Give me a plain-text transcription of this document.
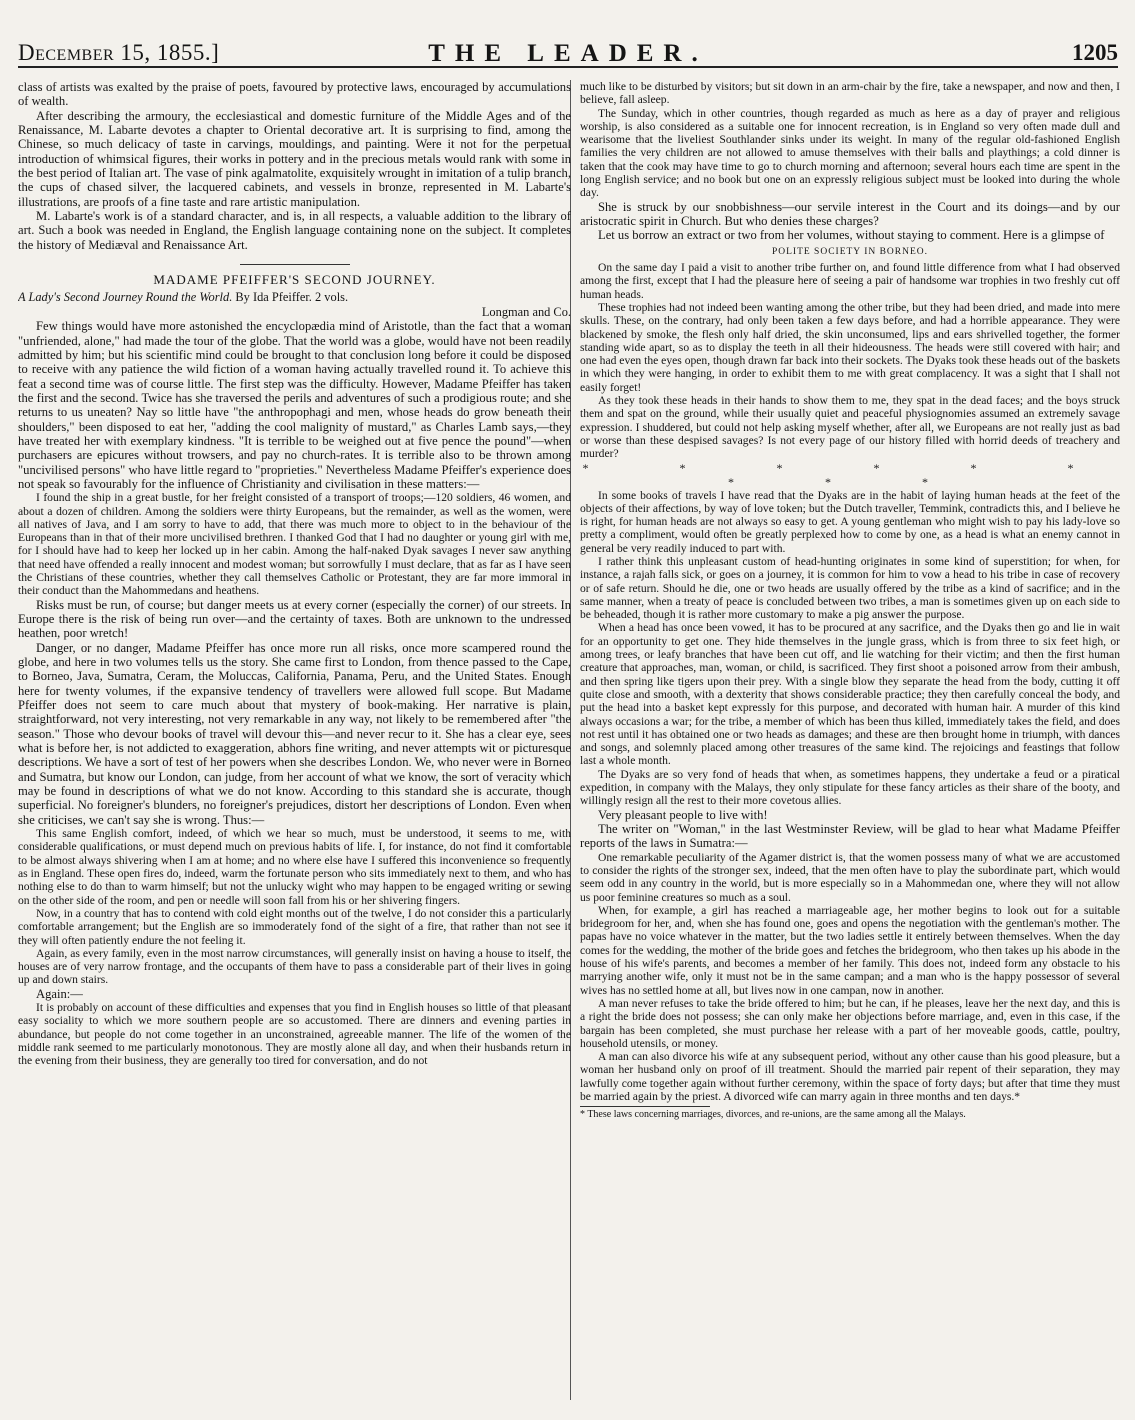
December 15, 1855.]	THE LEADER.	1205

class of artists was exalted by the praise of poets, favoured by protective laws, encouraged by accumulations of wealth.

After describing the armoury, the ecclesiastical and domestic furniture of the Middle Ages and of the Renaissance, M. Labarte devotes a chapter to Oriental decorative art. It is surprising to find, among the Chinese, so much delicacy of taste in carvings, mouldings, and painting. Were it not for the perpetual introduction of whimsical figures, their works in pottery and in the precious metals would rank with some in the best period of Italian art. The vase of pink agalmatolite, exquisitely wrought in imitation of a tulip branch, the cups of chased silver, the lacquered cabinets, and vessels in bronze, represented in M. Labarte's illustrations, are proofs of a fine taste and rare artistic manipulation.

M. Labarte's work is of a standard character, and is, in all respects, a valuable addition to the library of art. Such a book was needed in England, the English language containing none on the subject. It completes the history of Mediæval and Renaissance Art.

MADAME PFEIFFER'S SECOND JOURNEY.

A Lady's Second Journey Round the World. By Ida Pfeiffer. 2 vols.

Longman and Co.

Few things would have more astonished the encyclopædia mind of Aristotle, than the fact that a woman "unfriended, alone," had made the tour of the globe. That the world was a globe, would have not been readily admitted by him; but his scientific mind could be brought to that conclusion long before it could be disposed to receive with any patience the wild fiction of a woman having actually travelled round it. To achieve this feat a second time was of course little. The first step was the difficulty. However, Madame Pfeiffer has taken the first and the second. Twice has she traversed the perils and adventures of such a prodigious route; and she returns to us uneaten? Nay so little have "the anthropophagi and men, whose heads do grow beneath their shoulders," been disposed to eat her, "adding the cool malignity of mustard," as Charles Lamb says,—they have treated her with exemplary kindness. "It is terrible to be weighed out at five pence the pound"—when purchasers are epicures without trowsers, and pay no church-rates. It is terrible also to be thrown among "uncivilised persons" who have little regard to "proprieties." Nevertheless Madame Pfeiffer's experience does not speak so favourably for the influence of Christianity and civilisation in these matters:—

I found the ship in a great bustle, for her freight consisted of a transport of troops;—120 soldiers, 46 women, and about a dozen of children. Among the soldiers were thirty Europeans, but the remainder, as well as the women, were all natives of Java, and I am sorry to have to add, that there was much more to object to in the behaviour of the Europeans than in that of their more uncivilised brethren. I thanked God that I had no daughter or young girl with me, for I should have had to keep her locked up in her cabin. Among the half-naked Dyak savages I never saw anything that need have offended a really innocent and modest woman; but sorrowfully I must declare, that as far as I have seen the Christians of these countries, whether they call themselves Catholic or Protestant, they are far more immoral in their conduct than the Mahommedans and heathens.

Risks must be run, of course; but danger meets us at every corner (especially the corner) of our streets. In Europe there is the risk of being run over—and the certainty of taxes. Both are unknown to the undressed heathen, poor wretch!

Danger, or no danger, Madame Pfeiffer has once more run all risks, once more scampered round the globe, and here in two volumes tells us the story. She came first to London, from thence passed to the Cape, to Borneo, Java, Sumatra, Ceram, the Moluccas, California, Panama, Peru, and the United States. Enough here for twenty volumes, if the expansive tendency of travellers were allowed full scope. But Madame Pfeiffer does not seem to care much about that mystery of book-making. Her narrative is plain, straightforward, not very interesting, not very remarkable in any way, not likely to be remembered after "the season." Those who devour books of travel will devour this—and never recur to it. She has a clear eye, sees what is before her, is not addicted to exaggeration, abhors fine writing, and never attempts wit or picturesque descriptions. We have a sort of test of her powers when she describes London. We, who never were in Borneo and Sumatra, but know our London, can judge, from her account of what we know, the sort of veracity which may be found in descriptions of what we do not know. According to this standard she is accurate, though superficial. No foreigner's blunders, no foreigner's prejudices, distort her descriptions of London. Even when she criticises, we can't say she is wrong. Thus:—

This same English comfort, indeed, of which we hear so much, must be understood, it seems to me, with considerable qualifications, or must depend much on previous habits of life. I, for instance, do not find it comfortable to be almost always shivering when I am at home; and no where else have I suffered this inconvenience so frequently as in England. These open fires do, indeed, warm the fortunate person who sits immediately next to them, and who has nothing else to do than to warm himself; but not the unlucky wight who may happen to be engaged writing or sewing on the other side of the room, and pen or needle will soon fall from his or her shivering fingers.

Now, in a country that has to contend with cold eight months out of the twelve, I do not consider this a particularly comfortable arrangement; but the English are so immoderately fond of the sight of a fire, that rather than not see it they will often patiently endure the not feeling it.

Again, as every family, even in the most narrow circumstances, will generally insist on having a house to itself, the houses are of very narrow frontage, and the occupants of them have to pass a considerable part of their lives in going up and down stairs.

Again:—

It is probably on account of these difficulties and expenses that you find in English houses so little of that pleasant easy sociality to which we more southern people are so accustomed. There are dinners and evening parties in abundance, but people do not come together in an unconstrained, agreeable manner. The life of the women of the middle rank seemed to me particularly monotonous. They are mostly alone all day, and when their husbands return in the evening from their business, they are generally too tired for conversation, and do not

much like to be disturbed by visitors; but sit down in an arm-chair by the fire, take a newspaper, and now and then, I believe, fall asleep.

The Sunday, which in other countries, though regarded as much as here as a day of prayer and religious worship, is also considered as a suitable one for innocent recreation, is in England so very often made dull and wearisome that the liveliest Southlander sinks under its weight. In many of the regular old-fashioned English families the very children are not allowed to amuse themselves with their balls and playthings; a cold dinner is taken that the cook may have time to go to church morning and afternoon; several hours each time are spent in the long English service; and no book but one on an expressly religious subject must be looked into during the whole day.

She is struck by our snobbishness—our servile interest in the Court and its doings—and by our aristocratic spirit in Church. But who denies these charges?

Let us borrow an extract or two from her volumes, without staying to comment. Here is a glimpse of

POLITE SOCIETY IN BORNEO.

On the same day I paid a visit to another tribe further on, and found little difference from what I had observed among the first, except that I had the pleasure here of seeing a pair of handsome war trophies in two freshly cut off human heads.

These trophies had not indeed been wanting among the other tribe, but they had been dried, and made into mere skulls. These, on the contrary, had only been taken a few days before, and had a horrible appearance. They were blackened by smoke, the flesh only half dried, the skin unconsumed, lips and ears shrivelled together, the former standing wide apart, so as to display the teeth in all their hideousness. The heads were still covered with hair; and one had even the eyes open, though drawn far back into their sockets. The Dyaks took these heads out of the baskets in which they were hanging, in order to exhibit them to me with great complacency. It was a sight that I shall not easily forget!

As they took these heads in their hands to show them to me, they spat in the dead faces; and the boys struck them and spat on the ground, while their usually quiet and peaceful physiognomies assumed an extremely savage expression. I shuddered, but could not help asking myself whether, after all, we Europeans are not really just as bad or worse than these despised savages? Is not every page of our history filled with horrid deeds of treachery and murder?

* * * * * * * * *

In some books of travels I have read that the Dyaks are in the habit of laying human heads at the feet of the objects of their affections, by way of love token; but the Dutch traveller, Temmink, contradicts this, and I believe he is right, for human heads are not always so easy to get. A young gentleman who might wish to pay his lady-love so pretty a compliment, would often be greatly perplexed how to come by one, as a head is what an enemy cannot in general be very readily induced to part with.

I rather think this unpleasant custom of head-hunting originates in some kind of superstition; for when, for instance, a rajah falls sick, or goes on a journey, it is common for him to vow a head to his tribe in case of recovery or of safe return. Should he die, one or two heads are usually offered by the tribe as a kind of sacrifice; and in the same manner, when a treaty of peace is concluded between two tribes, a man is sometimes given up on each side to be beheaded, though it is rather more customary to make a pig answer the purpose.

When a head has once been vowed, it has to be procured at any sacrifice, and the Dyaks then go and lie in wait for an opportunity to get one. They hide themselves in the jungle grass, which is from three to six feet high, or among trees, or leafy branches that have been cut off, and lie watching for their victim; and then the first human creature that approaches, man, woman, or child, is sacrificed. They first shoot a poisoned arrow from their ambush, and then spring like tigers upon their prey. With a single blow they separate the head from the body, cutting it off quite close and smooth, with a dexterity that shows considerable practice; they then carefully conceal the body, and put the head into a basket kept expressly for this purpose, and decorated with human hair. A murder of this kind always occasions a war; for the tribe, a member of which has been thus killed, immediately takes the field, and does not rest until it has obtained one or two heads as damages; and these are then brought home in triumph, with dances and songs, and solemnly placed among other treasures of the same kind. The rejoicings and feastings that follow last a whole month.

The Dyaks are so very fond of heads that when, as sometimes happens, they undertake a feud or a piratical expedition, in company with the Malays, they only stipulate for these fancy articles as their share of the booty, and willingly resign all the rest to their more covetous allies.

Very pleasant people to live with!

The writer on "Woman," in the last Westminster Review, will be glad to hear what Madame Pfeiffer reports of the laws in Sumatra:—

One remarkable peculiarity of the Agamer district is, that the women possess many of what we are accustomed to consider the rights of the stronger sex, indeed, that the men often have to play the subordinate part, which would seem odd in any country in the world, but is more especially so in a Mahommedan one, where they will not allow us poor feminine creatures so much as a soul.

When, for example, a girl has reached a marriageable age, her mother begins to look out for a suitable bridegroom for her, and, when she has found one, goes and opens the negotiation with the gentleman's mother. The papas have no voice whatever in the matter, but the two ladies settle it entirely between themselves. When the day comes for the wedding, the mother of the bride goes and fetches the bridegroom, who then takes up his abode in the house of his wife's parents, and becomes a member of her family. This does not, indeed form any obstacle to his marrying another wife, only it must not be in the same campan; and a man who is the happy possessor of several wives has no settled home at all, but lives now in one campan, now in another.

A man never refuses to take the bride offered to him; but he can, if he pleases, leave her the next day, and this is a right the bride does not possess; she can only make her objections before marriage, and, even in this case, if the bargain has been completed, she must purchase her release with a part of her moveable goods, cattle, poultry, household utensils, or money.

A man can also divorce his wife at any subsequent period, without any other cause than his good pleasure, but a woman her husband only on proof of ill treatment. Should the married pair repent of their separation, they may lawfully come together again without further ceremony, within the space of forty days; but after that time they must be married again by the priest. A divorced wife can marry again in three months and ten days.*

* These laws concerning marriages, divorces, and re-unions, are the same among all the Malays.
